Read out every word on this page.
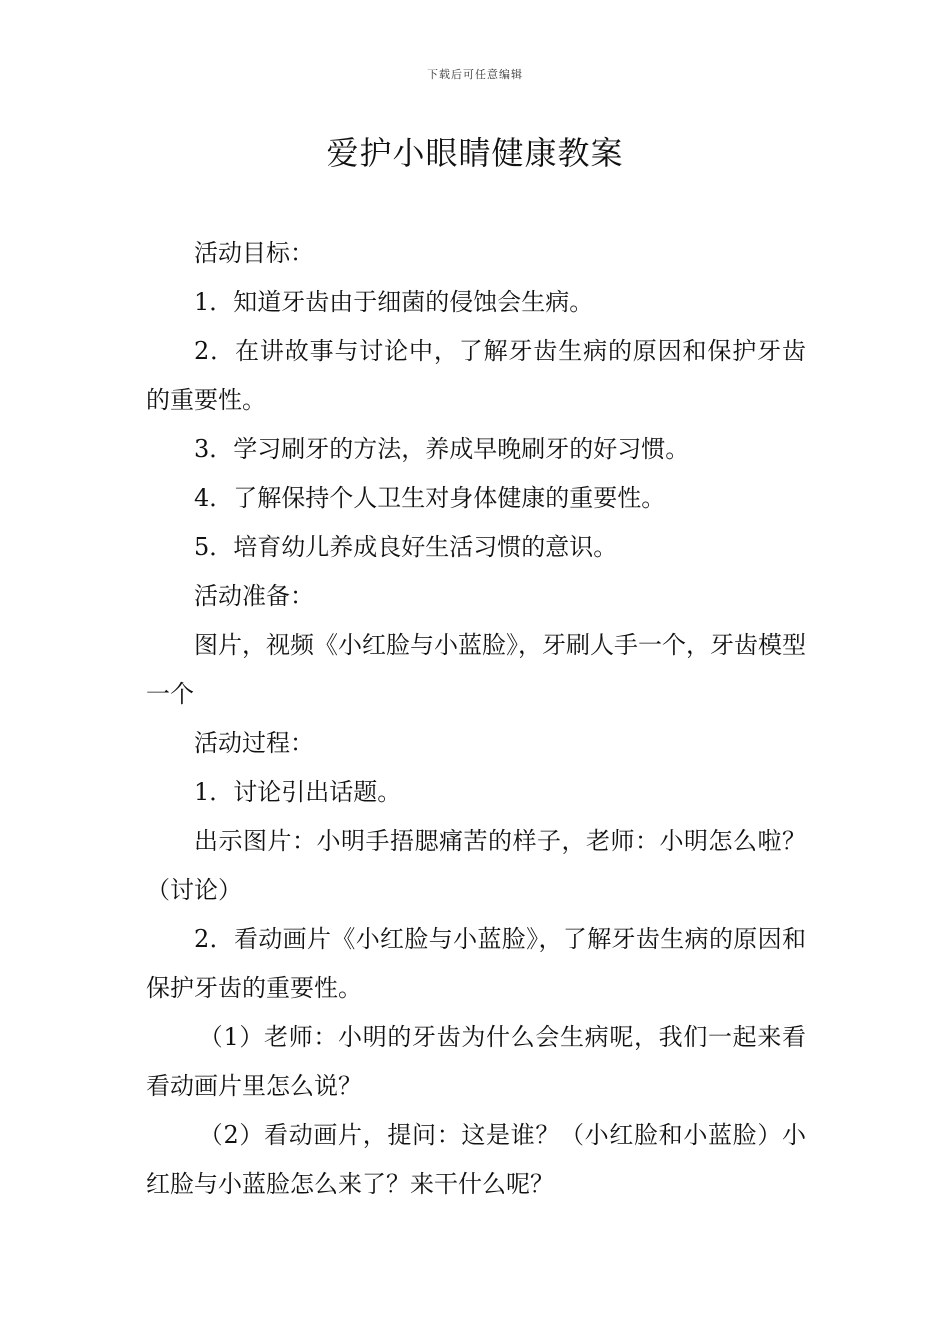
下载后可任意编辑
爱护小眼睛健康教案

活动目标：

1．知道牙齿由于细菌的侵蚀会生病。

2．在讲故事与讨论中，了解牙齿生病的原因和保护牙齿的重要性。

3．学习刷牙的方法，养成早晚刷牙的好习惯。

4．了解保持个人卫生对身体健康的重要性。

5．培育幼儿养成良好生活习惯的意识。

活动准备：

图片，视频《小红脸与小蓝脸》，牙刷人手一个，牙齿模型一个

活动过程：

1．讨论引出话题。

出示图片：小明手捂腮痛苦的样子，老师：小明怎么啦？（讨论）

2．看动画片《小红脸与小蓝脸》，了解牙齿生病的原因和保护牙齿的重要性。

（1）老师：小明的牙齿为什么会生病呢，我们一起来看看动画片里怎么说？

（2）看动画片，提问：这是谁？（小红脸和小蓝脸）小红脸与小蓝脸怎么来了？来干什么呢？
